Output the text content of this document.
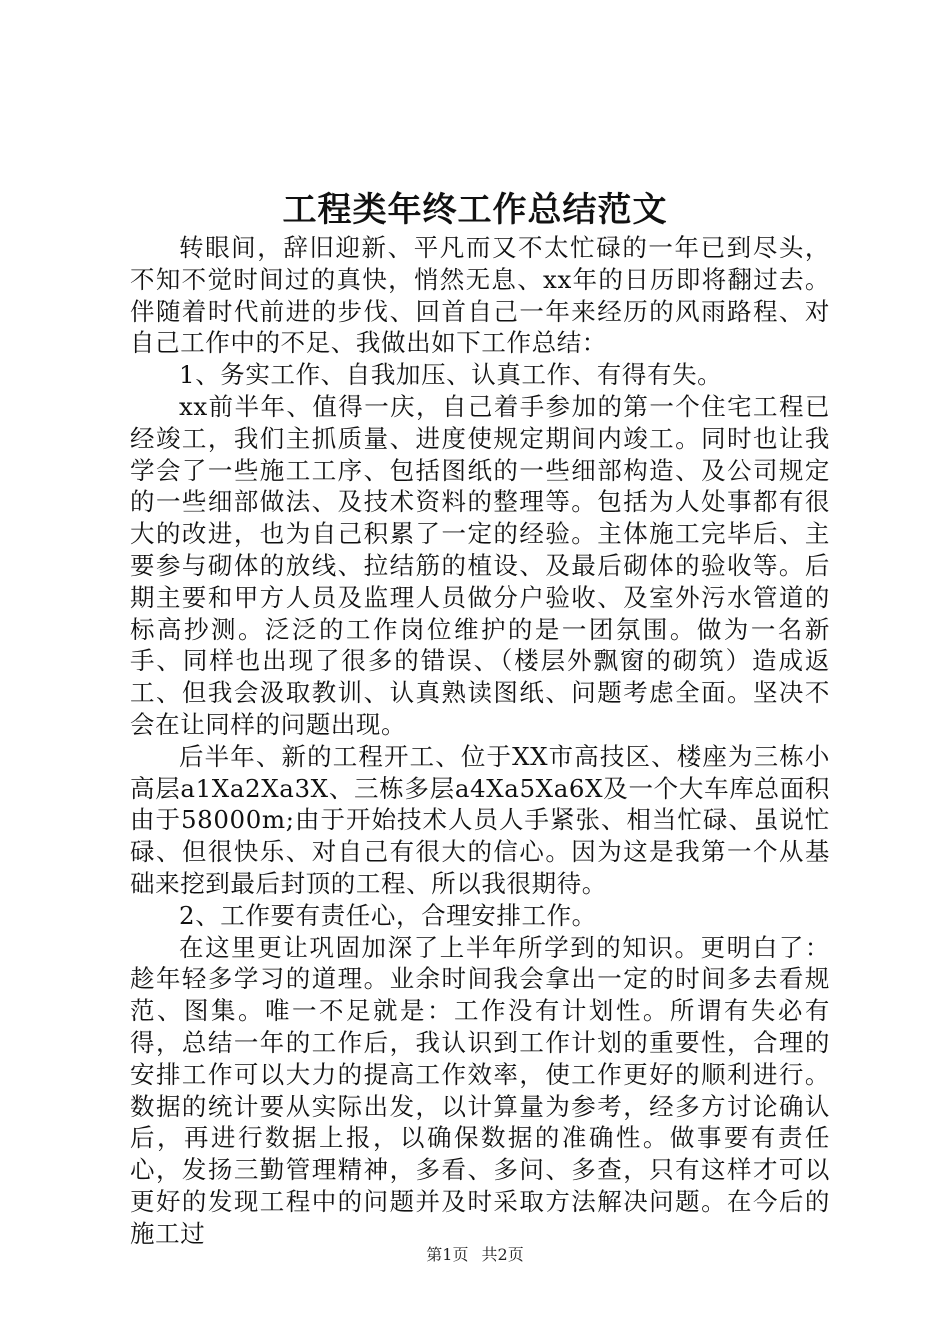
工程类年终工作总结范文

转眼间，辞旧迎新、平凡而又不太忙碌的一年已到尽头，不知不觉时间过的真快，悄然无息、xx年的日历即将翻过去。伴随着时代前进的步伐、回首自己一年来经历的风雨路程、对自己工作中的不足、我做出如下工作总结：

1、务实工作、自我加压、认真工作、有得有失。

xx前半年、值得一庆，自己着手参加的第一个住宅工程已经竣工，我们主抓质量、进度使规定期间内竣工。同时也让我学会了一些施工工序、包括图纸的一些细部构造、及公司规定的一些细部做法、及技术资料的整理等。包括为人处事都有很大的改进，也为自己积累了一定的经验。主体施工完毕后、主要参与砌体的放线、拉结筋的植设、及最后砌体的验收等。后期主要和甲方人员及监理人员做分户验收、及室外污水管道的标高抄测。泛泛的工作岗位维护的是一团氛围。做为一名新手、同样也出现了很多的错误、（楼层外飘窗的砌筑）造成返工、但我会汲取教训、认真熟读图纸、问题考虑全面。坚决不会在让同样的问题出现。

后半年、新的工程开工、位于XX市高技区、楼座为三栋小高层a1Xa2Xa3X、三栋多层a4Xa5Xa6X及一个大车库总面积由于58000m;由于开始技术人员人手紧张、相当忙碌、虽说忙碌、但很快乐、对自己有很大的信心。因为这是我第一个从基础来挖到最后封顶的工程、所以我很期待。

2、工作要有责任心，合理安排工作。

在这里更让巩固加深了上半年所学到的知识。更明白了：趁年轻多学习的道理。业余时间我会拿出一定的时间多去看规范、图集。唯一不足就是：工作没有计划性。所谓有失必有得，总结一年的工作后，我认识到工作计划的重要性，合理的安排工作可以大力的提高工作效率，使工作更好的顺利进行。数据的统计要从实际出发，以计算量为参考，经多方讨论确认后，再进行数据上报，以确保数据的准确性。做事要有责任心，发扬三勤管理精神，多看、多问、多查，只有这样才可以更好的发现工程中的问题并及时采取方法解决问题。在今后的施工过

第1页 共2页
